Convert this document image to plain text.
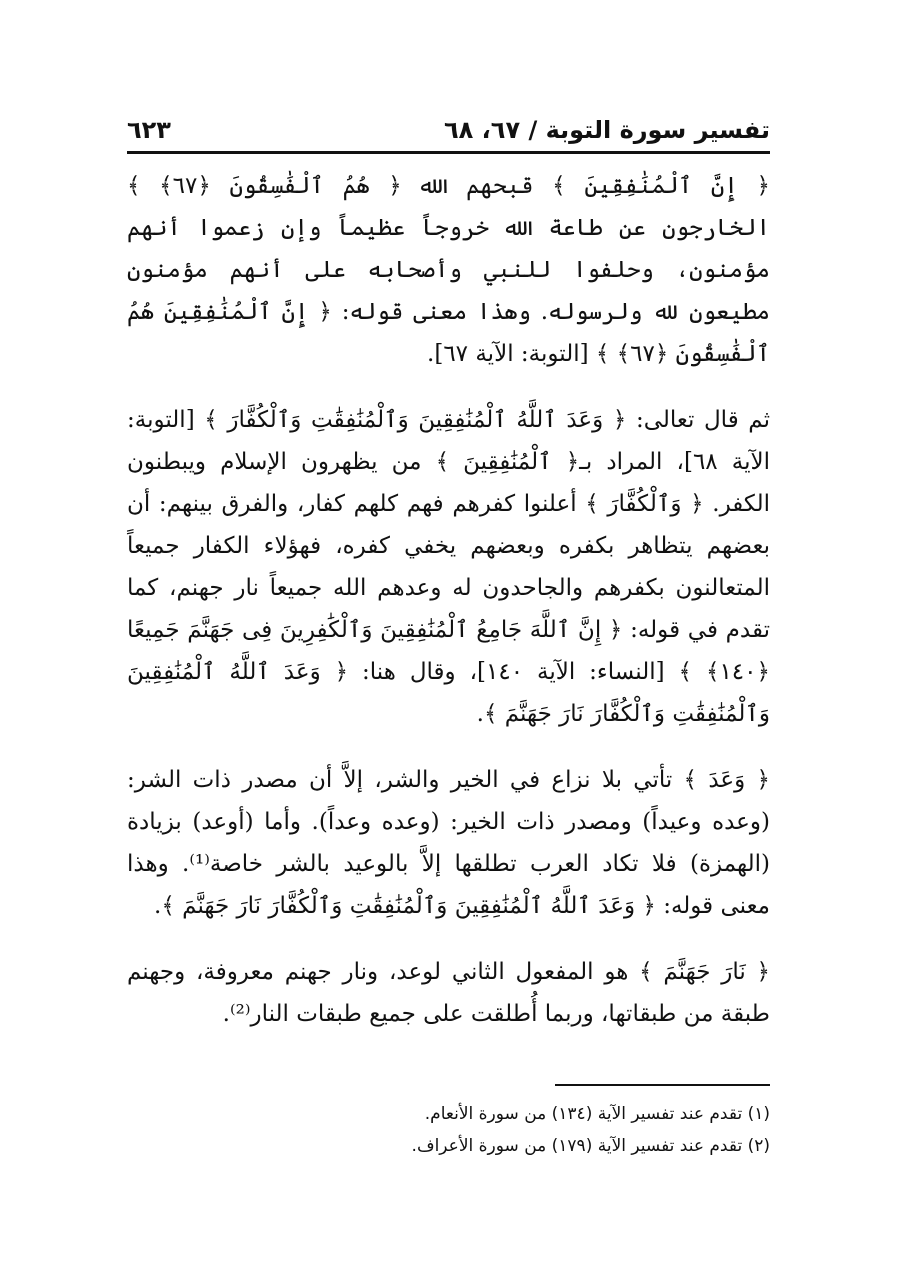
تفسير سورة التوبة / ٦٧، ٦٨
٦٢٣

﴿ إِنَّ ٱلْمُنَٰفِقِينَ ﴾ قبحهم الله ﴿ هُمُ ٱلْفَٰسِقُونَ ﴿٦٧﴾ ﴾ الخارجون عن طاعة الله خروجاً عظيماً وإن زعموا أنهم مؤمنون، وحلفوا للنبي وأصحابه على أنهم مؤمنون مطيعون لله ولرسوله. وهذا معنى قوله: ﴿ إِنَّ ٱلْمُنَٰفِقِينَ هُمُ ٱلْفَٰسِقُونَ ﴿٦٧﴾ ﴾ [التوبة: الآية ٦٧].

ثم قال تعالى: ﴿ وَعَدَ ٱللَّهُ ٱلْمُنَٰفِقِينَ وَٱلْمُنَٰفِقَٰتِ وَٱلْكُفَّارَ ﴾ [التوبة: الآية ٦٨]، المراد بـ﴿ ٱلْمُنَٰفِقِينَ ﴾ من يظهرون الإسلام ويبطنون الكفر. ﴿ وَٱلْكُفَّارَ ﴾ أعلنوا كفرهم فهم كلهم كفار، والفرق بينهم: أن بعضهم يتظاهر بكفره وبعضهم يخفي كفره، فهؤلاء الكفار جميعاً المتعالنون بكفرهم والجاحدون له وعدهم الله جميعاً نار جهنم، كما تقدم في قوله: ﴿ إِنَّ ٱللَّهَ جَامِعُ ٱلْمُنَٰفِقِينَ وَٱلْكَٰفِرِينَ فِى جَهَنَّمَ جَمِيعًا ﴿١٤٠﴾ ﴾ [النساء: الآية ١٤٠]، وقال هنا: ﴿ وَعَدَ ٱللَّهُ ٱلْمُنَٰفِقِينَ وَٱلْمُنَٰفِقَٰتِ وَٱلْكُفَّارَ نَارَ جَهَنَّمَ ﴾.

﴿ وَعَدَ ﴾ تأتي بلا نزاع في الخير والشر، إلاَّ أن مصدر ذات الشر: (وعده وعيداً) ومصدر ذات الخير: (وعده وعداً). وأما (أوعد) بزيادة (الهمزة) فلا تكاد العرب تطلقها إلاَّ بالوعيد بالشر خاصة⁽¹⁾. وهذا معنى قوله: ﴿ وَعَدَ ٱللَّهُ ٱلْمُنَٰفِقِينَ وَٱلْمُنَٰفِقَٰتِ وَٱلْكُفَّارَ نَارَ جَهَنَّمَ ﴾.

﴿ نَارَ جَهَنَّمَ ﴾ هو المفعول الثاني لوعد، ونار جهنم معروفة، وجهنم طبقة من طبقاتها، وربما أُطلقت على جميع طبقات النار⁽²⁾.

(١) تقدم عند تفسير الآية (١٣٤) من سورة الأنعام.

(٢) تقدم عند تفسير الآية (١٧٩) من سورة الأعراف.
